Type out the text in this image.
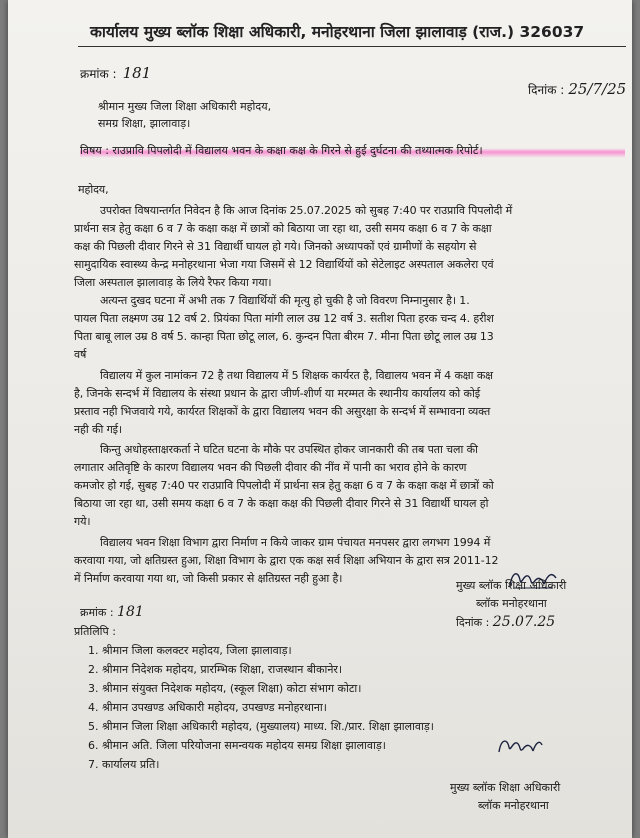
कार्यालय मुख्य ब्लॉक शिक्षा अधिकारी, मनोहरथाना जिला झालावाड़ (राज.) 326037
क्रमांक : 181
दिनांक : 25/7/25
श्रीमान मुख्य जिला शिक्षा अधिकारी महोदय,
समग्र शिक्षा, झालावाड़।
विषय : राउप्रावि पिपलोदी में विद्यालय भवन के कक्षा कक्ष के गिरने से हुई दुर्घटना की तथ्यात्मक रिपोर्ट।
महोदय,
उपरोक्त विषयान्तर्गत निवेदन है कि आज दिनांक 25.07.2025 को सुबह 7:40 पर राउप्रावि पिपलोदी में
प्रार्थना सत्र हेतु कक्षा 6 व 7 के कक्षा कक्ष में छात्रों को बिठाया जा रहा था, उसी समय कक्षा 6 व 7 के कक्षा
कक्ष की पिछली दीवार गिरने से 31 विद्यार्थी घायल हो गये। जिनको अध्यापकों एवं ग्रामीणों के सहयोग से
सामुदायिक स्वास्थ्य केन्द्र मनोहरथाना भेजा गया जिसमें से 12 विद्यार्थियों को सेटेलाइट अस्पताल अकलेरा एवं
जिला अस्पताल झालावाड़ के लिये रैफर किया गया।
अत्यन्त दुखद घटना में अभी तक 7 विद्यार्थियों की मृत्यु हो चुकी है जो विवरण निम्नानुसार है। 1.
पायल पिता लक्ष्मण उम्र 12 वर्ष 2. प्रियंका पिता मांगी लाल उम्र 12 वर्ष 3. सतीश पिता हरक चन्द 4. हरीश
पिता बाबू लाल उम्र 8 वर्ष 5. कान्हा पिता छोटू लाल, 6. कुन्दन पिता बीरम 7. मीना पिता छोटू लाल उम्र 13
वर्ष
विद्यालय में कुल नामांकन 72 है तथा विद्यालय में 5 शिक्षक कार्यरत है, विद्यालय भवन में 4 कक्षा कक्ष
है, जिनके सन्दर्भ में विद्यालय के संस्था प्रधान के द्वारा जीर्ण-शीर्ण या मरम्मत के स्थानीय कार्यालय को कोई
प्रस्ताव नही भिजवाये गये, कार्यरत शिक्षकों के द्वारा विद्यालय भवन की असुरक्षा के सन्दर्भ में सम्भावना व्यक्त
नही की गई।
किन्तु अधोहस्ताक्षरकर्ता ने घटित घटना के मौके पर उपस्थित होकर जानकारी की तब पता चला की
लगातार अतिवृष्टि के कारण विद्यालय भवन की पिछली दीवार की नींव में पानी का भराव होने के कारण
कमजोर हो गई, सुबह 7:40 पर राउप्रावि पिपलोदी में प्रार्थना सत्र हेतु कक्षा 6 व 7 के कक्षा कक्ष में छात्रों को
बिठाया जा रहा था, उसी समय कक्षा 6 व 7 के कक्षा कक्ष की पिछली दीवार गिरने से 31 विद्यार्थी घायल हो
गये।
विद्यालय भवन शिक्षा विभाग द्वारा निर्माण न किये जाकर ग्राम पंचायत मनपसर द्वारा लगभग 1994 में
करवाया गया, जो क्षतिग्रस्त हुआ, शिक्षा विभाग के द्वारा एक कक्ष सर्व शिक्षा अभियान के द्वारा सत्र 2011-12
में निर्माण करवाया गया था, जो किसी प्रकार से क्षतिग्रस्त नही हुआ है।
मुख्य ब्लॉक शिक्षा अधिकारी
ब्लॉक मनोहरथाना
दिनांक : 25.07.25
क्रमांक : 181
प्रतिलिपि :
1. श्रीमान जिला कलक्टर महोदय, जिला झालावाड़।
2. श्रीमान निदेशक महोदय, प्रारम्भिक शिक्षा, राजस्थान बीकानेर।
3. श्रीमान संयुक्त निदेशक महोदय, (स्कूल शिक्षा) कोटा संभाग कोटा।
4. श्रीमान उपखण्ड अधिकारी महोदय, उपखण्ड मनोहरथाना।
5. श्रीमान जिला शिक्षा अधिकारी महोदय, (मुख्यालय) माध्य. शि./प्रार. शिक्षा झालावाड़।
6. श्रीमान अति. जिला परियोजना समन्वयक महोदय समग्र शिक्षा झालावाड़।
7. कार्यालय प्रति।
मुख्य ब्लॉक शिक्षा अधिकारी
ब्लॉक मनोहरथाना
